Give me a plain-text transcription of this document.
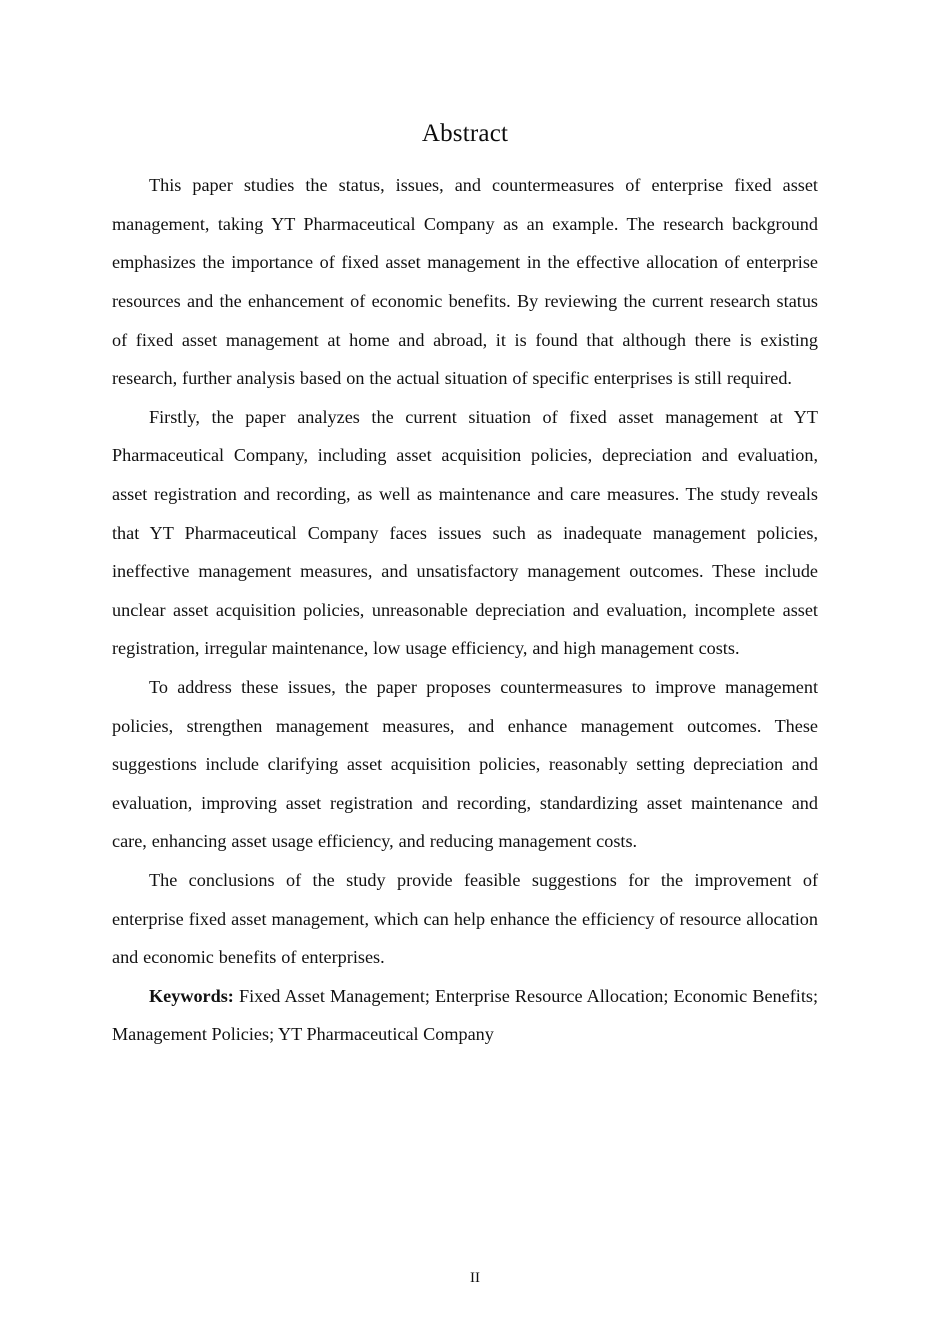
Abstract

This paper studies the status, issues, and countermeasures of enterprise fixed asset management, taking YT Pharmaceutical Company as an example. The research background emphasizes the importance of fixed asset management in the effective allocation of enterprise resources and the enhancement of economic benefits. By reviewing the current research status of fixed asset management at home and abroad, it is found that although there is existing research, further analysis based on the actual situation of specific enterprises is still required.

Firstly, the paper analyzes the current situation of fixed asset management at YT Pharmaceutical Company, including asset acquisition policies, depreciation and evaluation, asset registration and recording, as well as maintenance and care measures. The study reveals that YT Pharmaceutical Company faces issues such as inadequate management policies, ineffective management measures, and unsatisfactory management outcomes. These include unclear asset acquisition policies, unreasonable depreciation and evaluation, incomplete asset registration, irregular maintenance, low usage efficiency, and high management costs.

To address these issues, the paper proposes countermeasures to improve management policies, strengthen management measures, and enhance management outcomes. These suggestions include clarifying asset acquisition policies, reasonably setting depreciation and evaluation, improving asset registration and recording, standardizing asset maintenance and care, enhancing asset usage efficiency, and reducing management costs.

The conclusions of the study provide feasible suggestions for the improvement of enterprise fixed asset management, which can help enhance the efficiency of resource allocation and economic benefits of enterprises.

Keywords: Fixed Asset Management; Enterprise Resource Allocation; Economic Benefits; Management Policies; YT Pharmaceutical Company

II
